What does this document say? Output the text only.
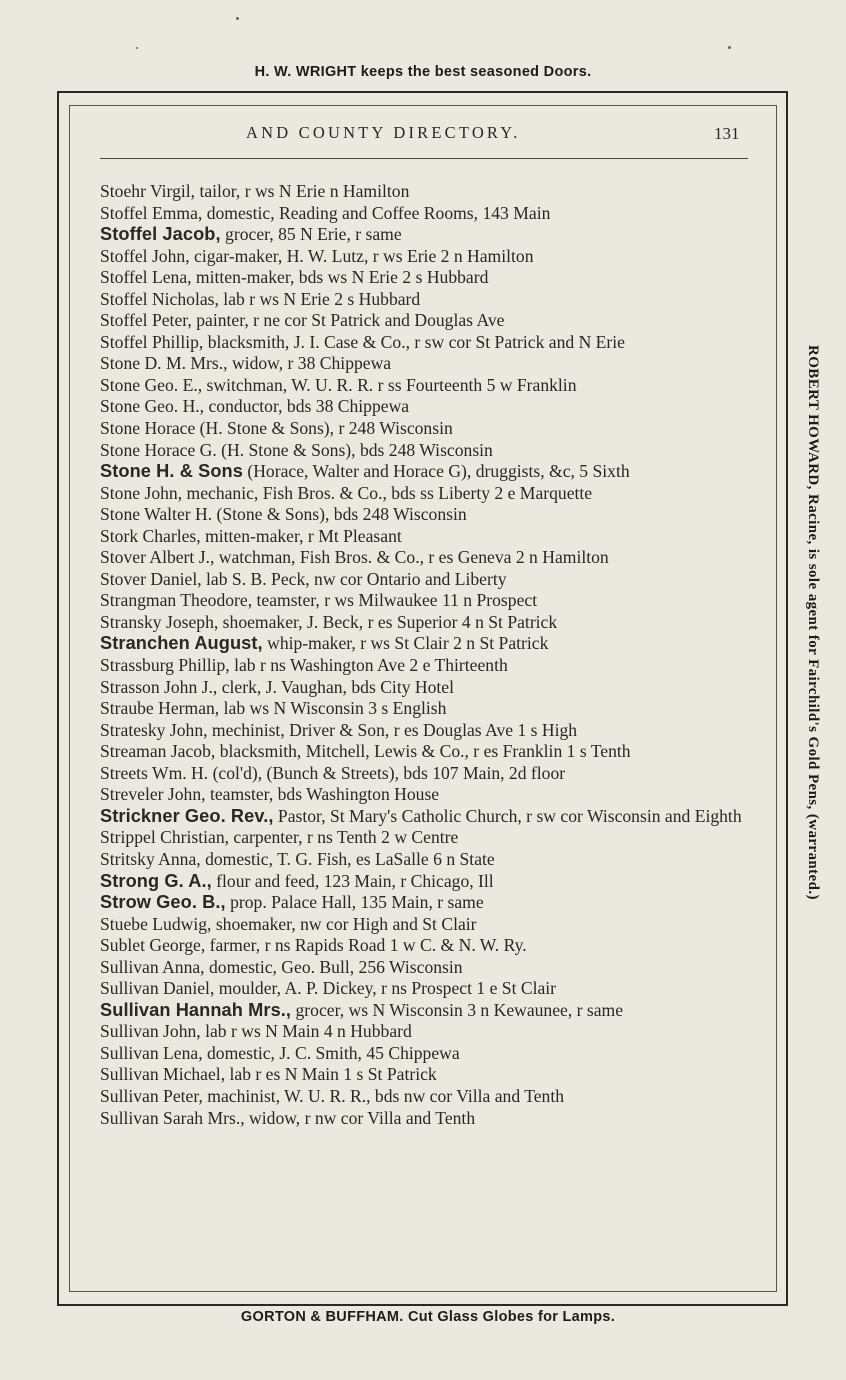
H. W. WRIGHT keeps the best seasoned Doors.
AND COUNTY DIRECTORY.	131

Stoehr Virgil, tailor, r ws N Erie n Hamilton

Stoffel Emma, domestic, Reading and Coffee Rooms, 143 Main

Stoffel Jacob, grocer, 85 N Erie, r same

Stoffel John, cigar-maker, H. W. Lutz, r ws Erie 2 n Hamilton

Stoffel Lena, mitten-maker, bds ws N Erie 2 s Hubbard

Stoffel Nicholas, lab r ws N Erie 2 s Hubbard

Stoffel Peter, painter, r ne cor St Patrick and Douglas Ave

Stoffel Phillip, blacksmith, J. I. Case & Co., r sw cor St Patrick and N Erie

Stone D. M. Mrs., widow, r 38 Chippewa

Stone Geo. E., switchman, W. U. R. R. r ss Fourteenth 5 w Franklin

Stone Geo. H., conductor, bds 38 Chippewa

Stone Horace (H. Stone & Sons), r 248 Wisconsin

Stone Horace G. (H. Stone & Sons), bds 248 Wisconsin

Stone H. & Sons (Horace, Walter and Horace G), druggists, &c, 5 Sixth

Stone John, mechanic, Fish Bros. & Co., bds ss Liberty 2 e Marquette

Stone Walter H. (Stone & Sons), bds 248 Wisconsin

Stork Charles, mitten-maker, r Mt Pleasant

Stover Albert J., watchman, Fish Bros. & Co., r es Geneva 2 n Hamilton

Stover Daniel, lab S. B. Peck, nw cor Ontario and Liberty

Strangman Theodore, teamster, r ws Milwaukee 11 n Prospect

Stransky Joseph, shoemaker, J. Beck, r es Superior 4 n St Patrick

Stranchen August, whip-maker, r ws St Clair 2 n St Patrick

Strassburg Phillip, lab r ns Washington Ave 2 e Thirteenth

Strasson John J., clerk, J. Vaughan, bds City Hotel

Straube Herman, lab ws N Wisconsin 3 s English

Stratesky John, mechinist, Driver & Son, r es Douglas Ave 1 s High

Streaman Jacob, blacksmith, Mitchell, Lewis & Co., r es Franklin 1 s Tenth

Streets Wm. H. (col'd), (Bunch & Streets), bds 107 Main, 2d floor

Streveler John, teamster, bds Washington House

Strickner Geo. Rev., Pastor, St Mary's Catholic Church, r sw cor Wisconsin and Eighth

Strippel Christian, carpenter, r ns Tenth 2 w Centre

Stritsky Anna, domestic, T. G. Fish, es LaSalle 6 n State

Strong G. A., flour and feed, 123 Main, r Chicago, Ill

Strow Geo. B., prop. Palace Hall, 135 Main, r same

Stuebe Ludwig, shoemaker, nw cor High and St Clair

Sublet George, farmer, r ns Rapids Road 1 w C. & N. W. Ry.

Sullivan Anna, domestic, Geo. Bull, 256 Wisconsin

Sullivan Daniel, moulder, A. P. Dickey, r ns Prospect 1 e St Clair

Sullivan Hannah Mrs., grocer, ws N Wisconsin 3 n Kewaunee, r same

Sullivan John, lab r ws N Main 4 n Hubbard

Sullivan Lena, domestic, J. C. Smith, 45 Chippewa

Sullivan Michael, lab r es N Main 1 s St Patrick

Sullivan Peter, machinist, W. U. R. R., bds nw cor Villa and Tenth

Sullivan Sarah Mrs., widow, r nw cor Villa and Tenth

ROBERT HOWARD, Racine, is sole agent for Fairchild's Gold Pens, (warranted.)
GORTON & BUFFHAM. Cut Glass Globes for Lamps.
